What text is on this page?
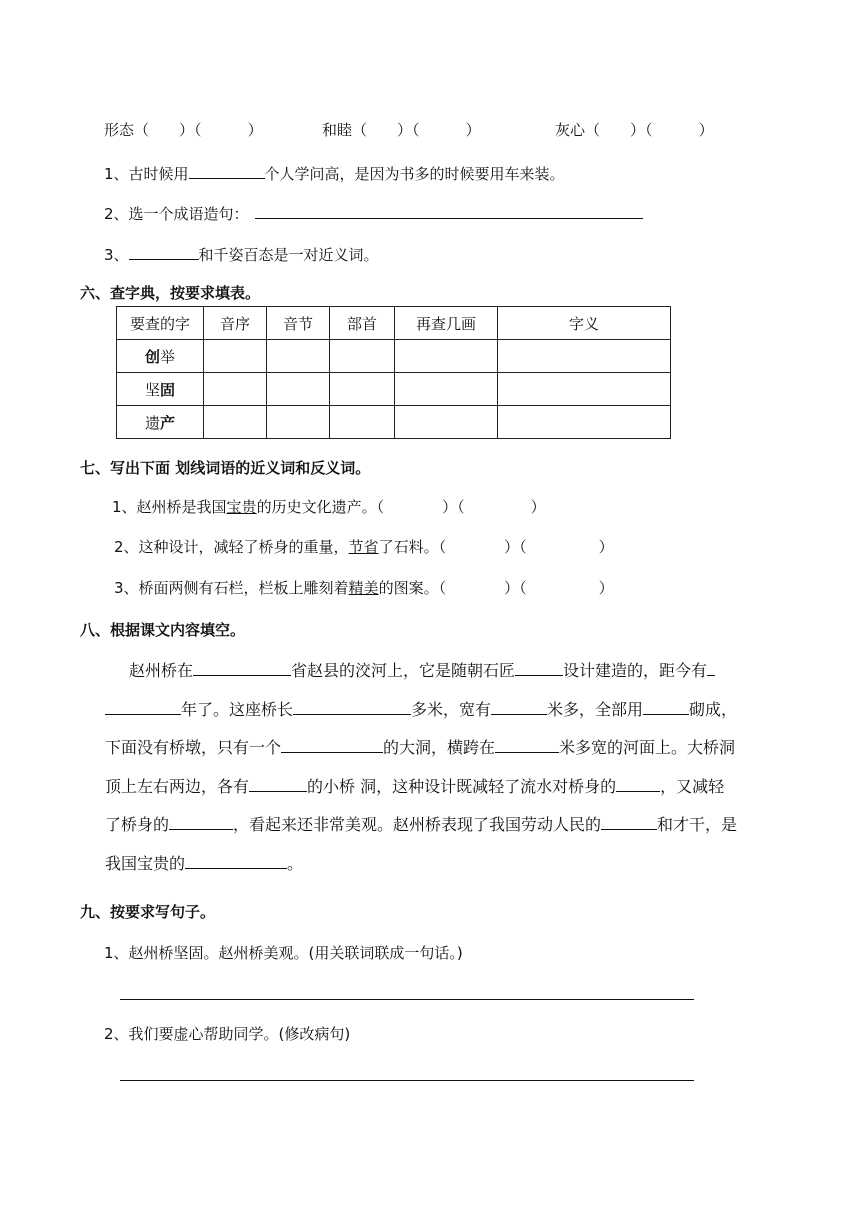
形态（ ）（	）	和睦（ ）（	）	灰心（ ）（	）
1、古时候用	个人学问高，是因为书多的时候要用车来装。
2、选一个成语造句：
3、	和千姿百态是一对近义词。
六、查字典，按要求填表。
要查的字	音序	音节	部首	再查几画	字义
创举					
坚固					
遗产					
七、写出下面 划线词语的近义词和反义词。
1、赵州桥是我国宝贵的历史文化遗产。（	）（	）
2、这种设计，减轻了桥身的重量，节省了石料。（	）（	）
3、桥面两侧有石栏，栏板上雕刻着精美的图案。（	）（	）
八、根据课文内容填空。
赵州桥在	省赵县的洨河上，它是随朝石匠	设计建造的，距今有
年了。这座桥长	多米，宽有	米多，全部用	砌成，
下面没有桥墩，只有一个	的大洞，横跨在	米多宽的河面上。大桥洞
顶上左右两边，各有	的小桥 洞，这种设计既减轻了流水对桥身的	，又减轻
了桥身的	，看起来还非常美观。赵州桥表现了我国劳动人民的	和才干，是
我国宝贵的	。
九、按要求写句子。
1、赵州桥坚固。赵州桥美观。(用关联词联成一句话。)
2、我们要虚心帮助同学。(修改病句)
